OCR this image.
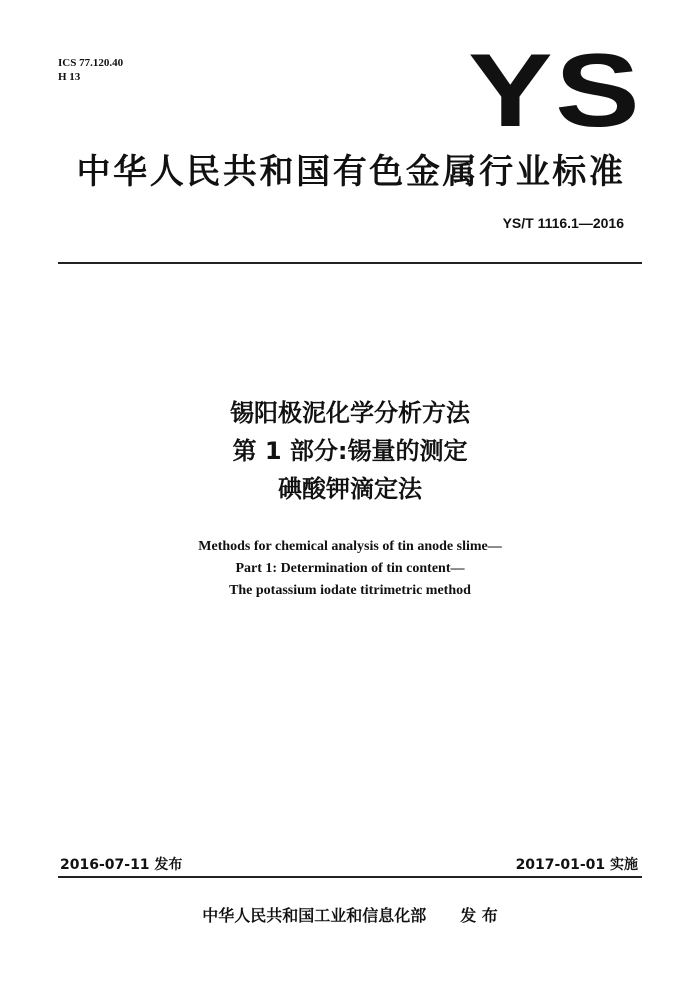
ICS 77.120.40
H 13	YS
中华人民共和国有色金属行业标准
YS/T 1116.1—2016
锡阳极泥化学分析方法
第 1 部分:锡量的测定
碘酸钾滴定法
Methods for chemical analysis of tin anode slime—
Part 1: Determination of tin content—
The potassium iodate titrimetric method
2016-07-11 发布	2017-01-01 实施
中华人民共和国工业和信息化部 发 布
